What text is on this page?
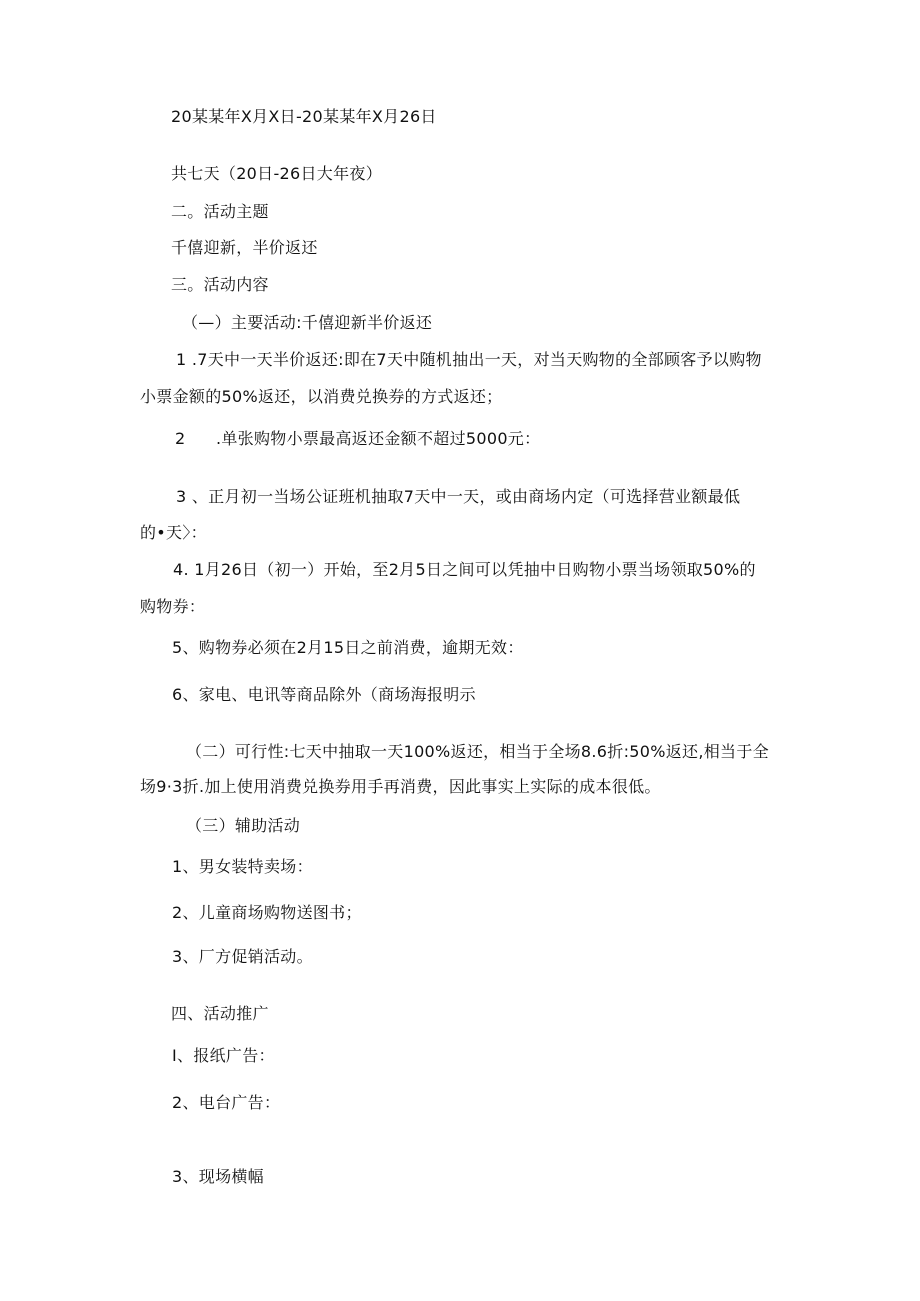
20某某年X月X日-20某某年X月26日
共七天（20日-26日大年夜）
二。活动主题
千僖迎新，半价返还
三。活动内容
（—）主要活动:千僖迎新半价返还
1 .7天中一天半价返还:即在7天中随机抽出一天，对当天购物的全部顾客予以购物
小票金额的50%返还，以消费兑换券的方式返还；
2 .单张购物小票最高返还金额不超过5000元：
3 、正月初一当场公证班机抽取7天中一天，或由商场内定（可选择营业额最低
的•天〉：
4. 1月26日（初一）开始，至2月5日之间可以凭抽中日购物小票当场领取50%的
购物券：
5、购物券必须在2月15日之前消费，逾期无效：
6、家电、电讯等商品除外（商场海报明示
（二）可行性:七天中抽取一天100%返还，相当于全场8.6折:50%返还,相当于全
场9·3折.加上使用消费兑换券用手再消费，因此事实上实际的成本很低。
（三）辅助活动
1、男女装特卖场：
2、儿童商场购物送图书；
3、厂方促销活动。
四、活动推广
I、报纸广告：
2、电台广告：
3、现场横幅
